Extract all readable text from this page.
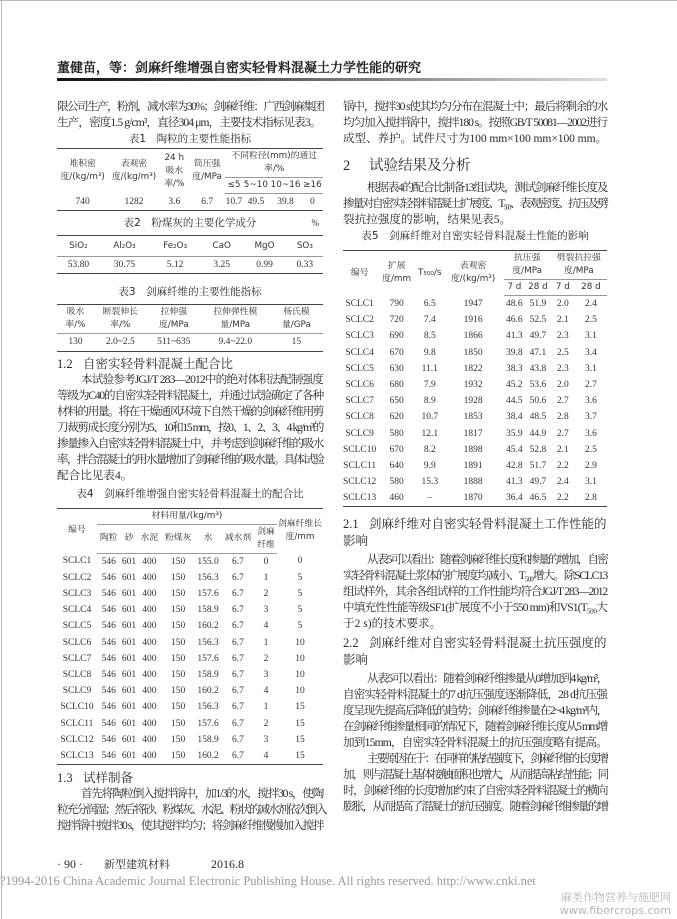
董健苗，等：剑麻纤维增强自密实轻骨料混凝土力学性能的研究
限公司生产，粉剂，减水率为30%；剑麻纤维：广西剑麻集团
生产，密度1.5 g/cm³，直径304 μm，主要技术指标见表3。
表1　陶粒的主要性能指标
堆积密度/(kg/m³)	表观密度/(kg/m³)	24 h吸水率/%	筒压强度/MPa	不同粒径(mm)的通过率/%			
				≤5	5~10	10~16	≥16
740	1282	3.6	6.7	10.7	49.5	39.8	0
表2　粉煤灰的主要化学成分	%
SiO₂	Al₂O₃	Fe₂O₃	CaO	MgO	SO₃
53.80	30.75	5.12	3.25	0.99	0.33
表3　剑麻纤维的主要性能指标
吸水率/%	断裂伸长率/%	拉伸强度/MPa	拉伸弹性模量/MPa	杨氏模量/GPa
130	2.0~2.5	511~635	9.4~22.0	15
1.2 自密实轻骨料混凝土配合比
本试验参考JGJ/T 283—2012中的绝对体积法配制强度
等级为C40的自密实轻骨料混凝土，并通过试验确定了各种
材料的用量。将在干燥通风环境下自然干燥的剑麻纤维用剪
刀裁剪成长度分别为5、10和15 mm，按0、1、2、3、4 kg/m³的
掺量掺入自密实轻骨料混凝土中，并考虑到剑麻纤维的吸水
率，拌合混凝土的用水量增加了剑麻纤维的吸水量。具体试验
配合比见表4。
表4　剑麻纤维增强自密实轻骨料混凝土的配合比
编号	材料用量/(kg/m³)							剑麻纤维长度/mm
	陶粒	砂	水泥	粉煤灰	水	减水剂	剑麻纤维	
SCLC1	546	601	400	150	155.0	6.7	0	0
SCLC2	546	601	400	150	156.3	6.7	1	5
SCLC3	546	601	400	150	157.6	6.7	2	5
SCLC4	546	601	400	150	158.9	6.7	3	5
SCLC5	546	601	400	150	160.2	6.7	4	5
SCLC6	546	601	400	150	156.3	6.7	1	10
SCLC7	546	601	400	150	157.6	6.7	2	10
SCLC8	546	601	400	150	158.9	6.7	3	10
SCLC9	546	601	400	150	160.2	6.7	4	10
SCLC10	546	601	400	150	156.3	6.7	1	15
SCLC11	546	601	400	150	157.6	6.7	2	15
SCLC12	546	601	400	150	158.9	6.7	3	15
SCLC13	546	601	400	150	160.2	6.7	4	15
1.3 试样制备
首先将陶粒倒入搅拌锅中，加1/3的水，搅拌30 s，使陶
粒充分润湿；然后将砂、粉煤灰、水泥、粉状的减水剂依次倒入
搅拌锅中搅拌30 s，使其搅拌均匀；将剑麻纤维慢慢加入搅拌
锅中，搅拌30 s使其均匀分布在混凝土中；最后将剩余的水
均匀加入搅拌锅中，搅拌180 s。按照GB/T 50081—2002进行
成型、养护。试件尺寸为100 mm×100 mm×100 mm。
2 试验结果及分析
根据表4的配合比制备13组试块，测试剑麻纤维长度及
掺量对自密实轻骨料混凝土扩展度、T₅₀₀、表观密度、抗压及劈
裂抗拉强度的影响，结果见表5。
表5　剑麻纤维对自密实轻骨料混凝土性能的影响
编号	扩展度/mm	T₅₀₀/s	表观密度/(kg/m³)	抗压强度/MPa		劈裂抗拉强度/MPa	
				7 d	28 d	7 d	28 d
SCLC1	790	6.5	1947	48.6	51.9	2.0	2.4
SCLC2	720	7.4	1916	46.6	52.5	2.1	2.5
SCLC3	690	8.5	1866	41.3	49.7	2.3	3.1
SCLC4	670	9.8	1850	39.8	47.1	2.5	3.4
SCLC5	630	11.1	1822	38.3	43.8	2.3	3.1
SCLC6	680	7.9	1932	45.2	53.6	2.0	2.7
SCLC7	650	8.9	1928	44.5	50.6	2.7	3.6
SCLC8	620	10.7	1853	38.4	48.5	2.8	3.7
SCLC9	580	12.1	1817	35.9	44.9	2.7	3.6
SCLC10	670	8.2	1898	45.4	52.8	2.1	2.5
SCLC11	640	9.9	1891	42.8	51.7	2.2	2.9
SCLC12	580	15.3	1888	41.3	49.7	2.4	3.1
SCLC13	460	–	1870	36.4	46.5	2.2	2.8
2.1 剑麻纤维对自密实轻骨料混凝土工作性能的
影响
从表5可以看出：随着剑麻纤维长度和掺量的增加，自密
实轻骨料混凝土浆体的扩展度均减小、T₅₀₀增大。除SCLC13
组试样外，其余各组试样的工作性能均符合JGJ/T 283—2012
中填充性性能等级SF1(扩展度不小于550 mm)和VS1(T₅₀₀大
于2 s)的技术要求。
2.2 剑麻纤维对自密实轻骨料混凝土抗压强度的
影响
从表5可以看出：随着剑麻纤维掺量从0增加到4 kg/m³，
自密实轻骨料混凝土的7 d抗压强度逐渐降低，28 d抗压强
度呈现先提高后降低的趋势；剑麻纤维掺量在2~4 kg/m³内，
在剑麻纤维掺量相同的情况下，随着剑麻纤维长度从5 mm增
加到15mm，自密实轻骨料混凝土的抗压强度略有提高。
主要原因在于：在同样的粘结强度下，剑麻纤维的长度增
加，则与混凝土基体接触面积也增大，从而提高粘结性能；同
时，剑麻纤维的长度增加约束了自密实轻骨料混凝土的横向
膨胀，从而提高了混凝土的抗压强度。随着剑麻纤维掺量的增
· 90 · 新型建筑材料	2016.8
?1994-2016 China Academic Journal Electronic Publishing House. All rights reserved. http://www.cnki.net
麻类作物营养与施肥网
www.fibercrops.com
